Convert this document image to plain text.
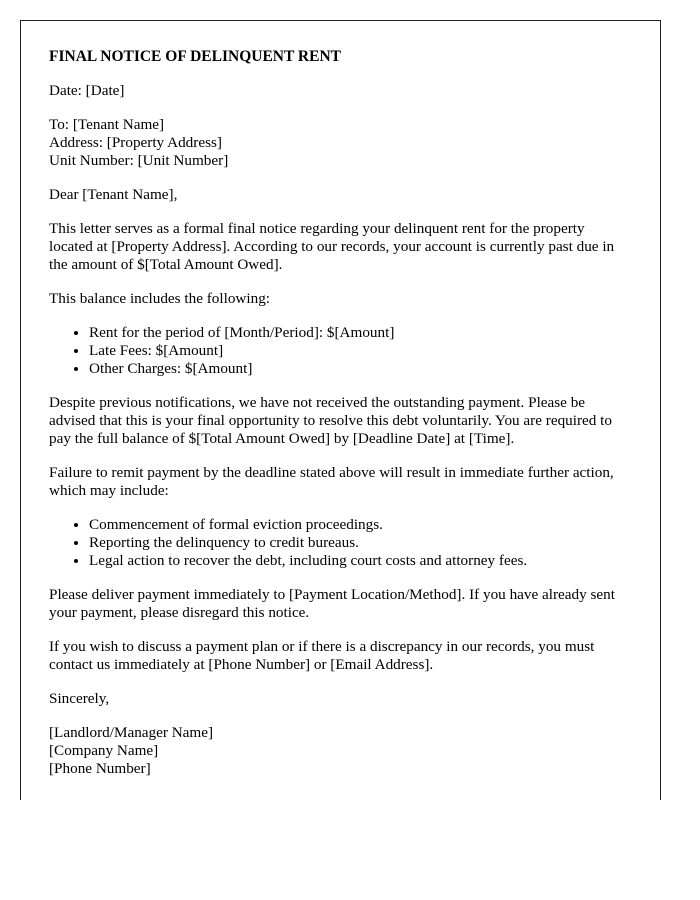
FINAL NOTICE OF DELINQUENT RENT

Date: [Date]

To: [Tenant Name]
Address: [Property Address]
Unit Number: [Unit Number]

Dear [Tenant Name],

This letter serves as a formal final notice regarding your delinquent rent for the property located at [Property Address]. According to our records, your account is currently past due in the amount of $[Total Amount Owed].

This balance includes the following:

• Rent for the period of [Month/Period]: $[Amount]
• Late Fees: $[Amount]
• Other Charges: $[Amount]

Despite previous notifications, we have not received the outstanding payment. Please be advised that this is your final opportunity to resolve this debt voluntarily. You are required to pay the full balance of $[Total Amount Owed] by [Deadline Date] at [Time].

Failure to remit payment by the deadline stated above will result in immediate further action, which may include:

• Commencement of formal eviction proceedings.
• Reporting the delinquency to credit bureaus.
• Legal action to recover the debt, including court costs and attorney fees.

Please deliver payment immediately to [Payment Location/Method]. If you have already sent your payment, please disregard this notice.

If you wish to discuss a payment plan or if there is a discrepancy in our records, you must contact us immediately at [Phone Number] or [Email Address].

Sincerely,

[Landlord/Manager Name]
[Company Name]
[Phone Number]
